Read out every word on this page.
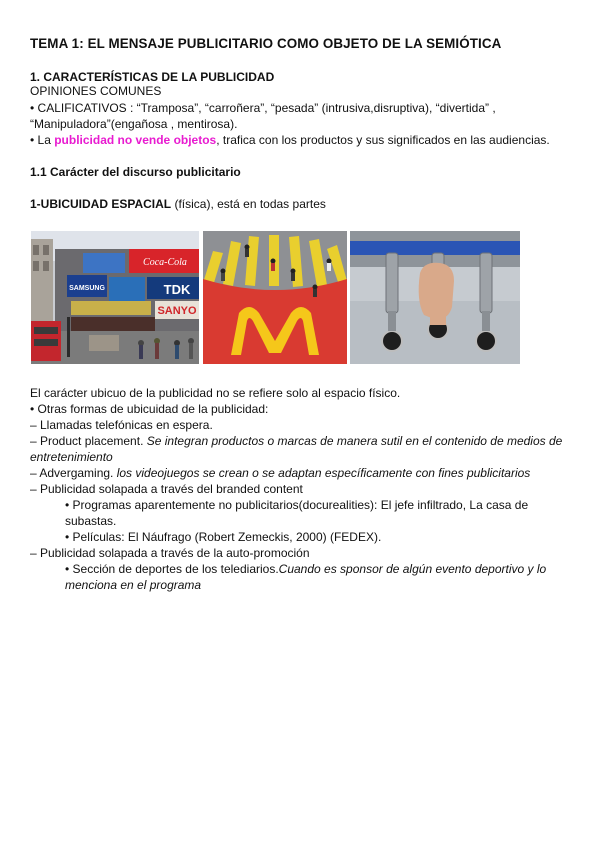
TEMA 1: EL MENSAJE PUBLICITARIO COMO OBJETO DE LA SEMIÓTICA
1. CARACTERÍSTICAS DE LA PUBLICIDAD
OPINIONES COMUNES
• CALIFICATIVOS : “Tramposa”, “carroñera”, “pesada” (intrusiva,disruptiva), “divertida” ,
“Manipuladora”(engañosa , mentirosa).
• La publicidad no vende objetos, trafica con los productos y sus significados en las audiencias.
1.1 Carácter del discurso publicitario
1-UBICUIDAD ESPACIAL (física), está en todas partes
Coca-Cola
SAMSUNG	TDK
SANYO
El carácter ubicuo de la publicidad no se refiere solo al espacio físico.
• Otras formas de ubicuidad de la publicidad:
– Llamadas telefónicas en espera.
– Product placement. Se integran productos o marcas de manera sutil en el contenido de medios de
entretenimiento
– Advergaming. los videojuegos se crean o se adaptan específicamente con fines publicitarios
– Publicidad solapada a través del branded content
• Programas aparentemente no publicitarios(docurealities): El jefe infiltrado, La casa de
subastas.
• Películas: El Náufrago (Robert Zemeckis, 2000) (FEDEX).
– Publicidad solapada a través de la auto-promoción
• Sección de deportes de los telediarios.Cuando es sponsor de algún evento deportivo y lo
menciona en el programa
